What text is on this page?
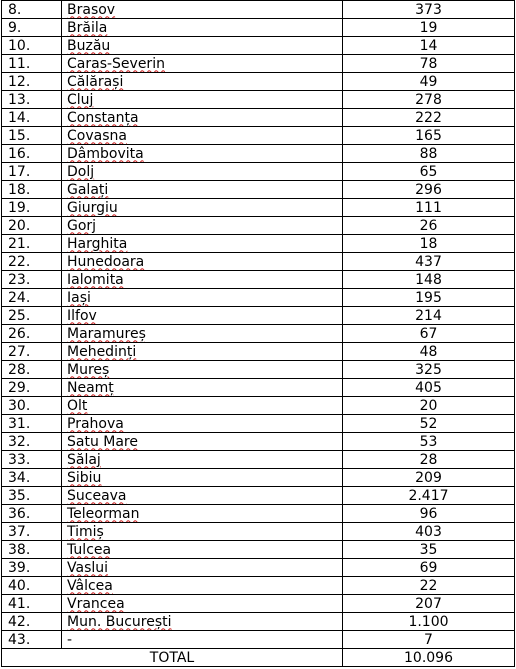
8.	Brasov	373
9.	Brăila	19
10.	Buzău	14
11.	Caras-Severin	78
12.	Călărași	49
13.	Cluj	278
14.	Constanța	222
15.	Covasna	165
16.	Dâmbovita	88
17.	Dolj	65
18.	Galați	296
19.	Giurgiu	111
20.	Gorj	26
21.	Harghita	18
22.	Hunedoara	437
23.	Ialomita	148
24.	Iași	195
25.	Ilfov	214
26.	Maramureș	67
27.	Mehedinți	48
28.	Mureș	325
29.	Neamț	405
30.	Olt	20
31.	Prahova	52
32.	Satu Mare	53
33.	Sălaj	28
34.	Sibiu	209
35.	Suceava	2.417
36.	Teleorman	96
37.	Timiș	403
38.	Tulcea	35
39.	Vaslui	69
40.	Vâlcea	22
41.	Vrancea	207
42.	Mun. București	1.100
43.	-	7
TOTAL		10.096
